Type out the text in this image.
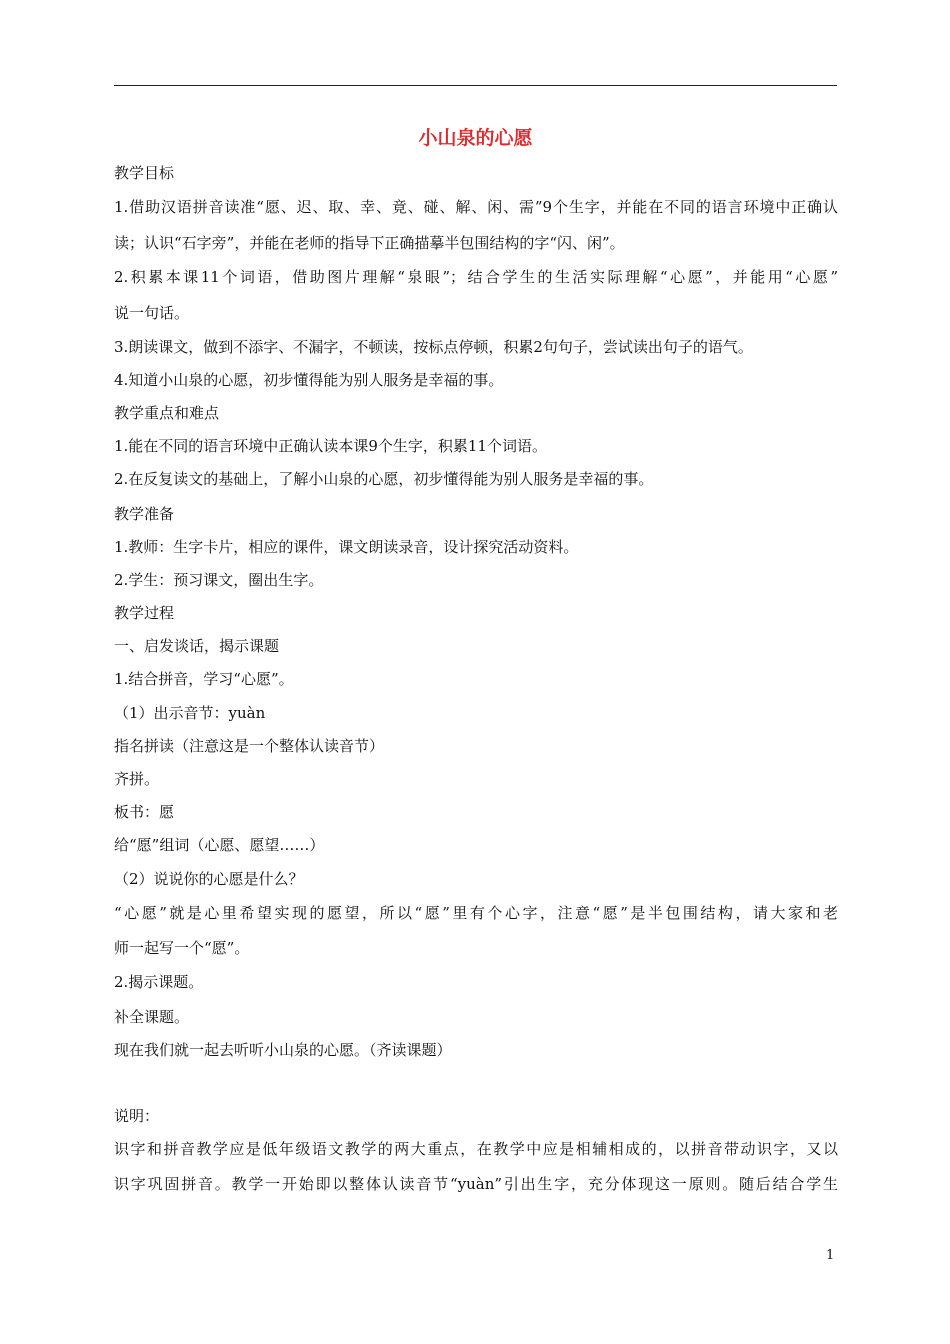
小山泉的心愿
教学目标
1.借助汉语拼音读准“愿、迟、取、幸、竟、碰、解、闲、需”9个生字，并能在不同的语言环境中正确认
读；认识“石字旁”，并能在老师的指导下正确描摹半包围结构的字“闪、闲”。
2.积累本课11个词语，借助图片理解“泉眼”；结合学生的生活实际理解“心愿”，并能用“心愿”
说一句话。
3.朗读课文，做到不添字、不漏字，不顿读，按标点停顿，积累2句句子，尝试读出句子的语气。
4.知道小山泉的心愿，初步懂得能为别人服务是幸福的事。
教学重点和难点
1.能在不同的语言环境中正确认读本课9个生字，积累11个词语。
2.在反复读文的基础上，了解小山泉的心愿，初步懂得能为别人服务是幸福的事。
教学准备
1.教师：生字卡片，相应的课件，课文朗读录音，设计探究活动资料。
2.学生：预习课文，圈出生字。
教学过程
一、启发谈话，揭示课题
1.结合拼音，学习“心愿”。
（1）出示音节：yuàn
指名拼读（注意这是一个整体认读音节）
齐拼。
板书：愿
给“愿”组词（心愿、愿望……）
（2）说说你的心愿是什么？
“心愿”就是心里希望实现的愿望，所以“愿”里有个心字，注意“愿”是半包围结构，请大家和老
师一起写一个“愿”。
2.揭示课题。
补全课题。
现在我们就一起去听听小山泉的心愿。（齐读课题）
说明：
识字和拼音教学应是低年级语文教学的两大重点，在教学中应是相辅相成的，以拼音带动识字，又以
识字巩固拼音。教学一开始即以整体认读音节“yuàn”引出生字，充分体现这一原则。随后结合学生
1
